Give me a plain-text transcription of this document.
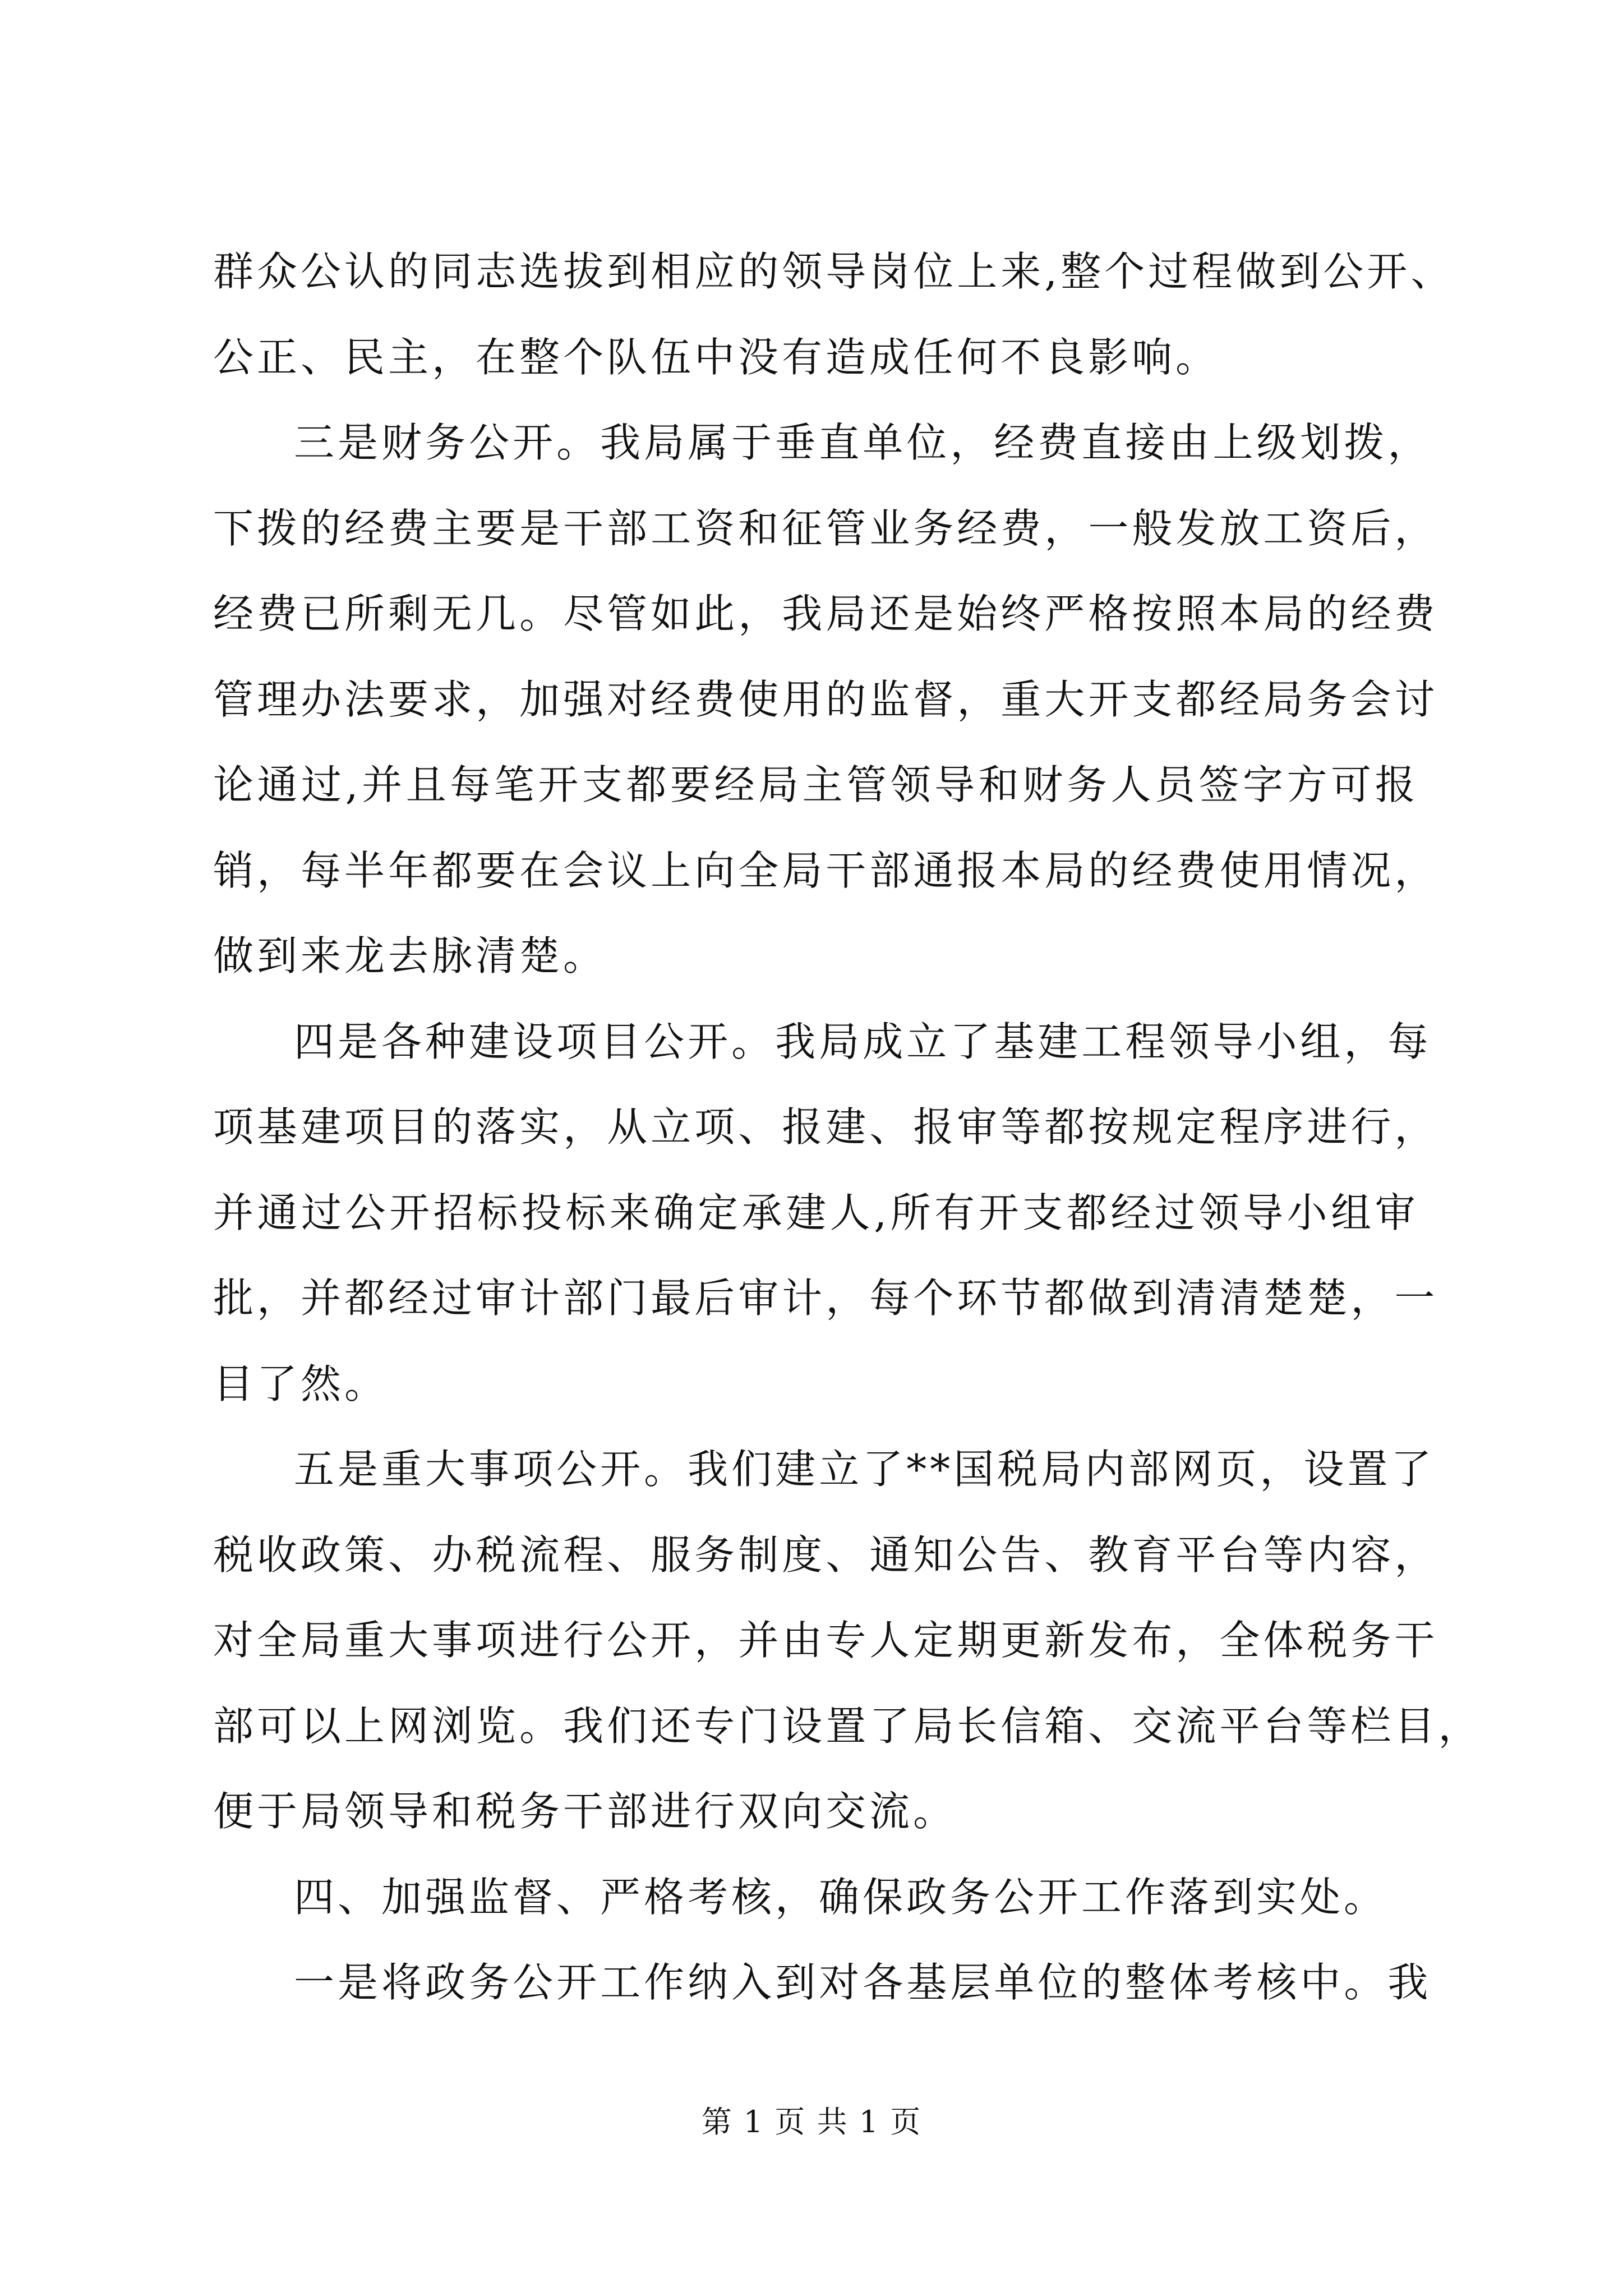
群 众 公 认 的 同 志 选 拔 到 相 应 的 领 导 岗 位 上 来 , 整 个 过 程 做 到 公 开 、
公正、民主，在整个队伍中没有造成任何不良影响。
三 是 财 务 公 开 。 我 局 属 于 垂 直 单 位 ， 经 费 直 接 由 上 级 划 拨 ，
下 拨 的 经 费 主 要 是 干 部 工 资 和 征 管 业 务 经 费 ， 一 般 发 放 工 资 后 ，
经 费 已 所 剩 无 几 。 尽 管 如 此 ， 我 局 还 是 始 终 严 格 按 照 本 局 的 经 费
管 理 办 法 要 求 ， 加 强 对 经 费 使 用 的 监 督 ， 重 大 开 支 都 经 局 务 会 讨
论 通 过 , 并 且 每 笔 开 支 都 要 经 局 主 管 领 导 和 财 务 人 员 签 字 方 可 报
销 ， 每 半 年 都 要 在 会 议 上 向 全 局 干 部 通 报 本 局 的 经 费 使 用 情 况 ，
做到来龙去脉清楚。
四 是 各 种 建 设 项 目 公 开 。 我 局 成 立 了 基 建 工 程 领 导 小 组 ， 每
项 基 建 项 目 的 落 实 ， 从 立 项 、 报 建 、 报 审 等 都 按 规 定 程 序 进 行 ，
并 通 过 公 开 招 标 投 标 来 确 定 承 建 人 , 所 有 开 支 都 经 过 领 导 小 组 审
批 ， 并 都 经 过 审 计 部 门 最 后 审 计 ， 每 个 环 节 都 做 到 清 清 楚 楚 ， 一
目了然。
五 是 重 大 事 项 公 开 。 我 们 建 立 了 * * 国 税 局 内 部 网 页 ， 设 置 了
税 收 政 策 、 办 税 流 程 、 服 务 制 度 、 通 知 公 告 、 教 育 平 台 等 内 容 ，
对 全 局 重 大 事 项 进 行 公 开 ， 并 由 专 人 定 期 更 新 发 布 ， 全 体 税 务 干
部 可 以 上 网 浏 览 。 我 们 还 专 门 设 置 了 局 长 信 箱 、 交 流 平 台 等 栏 目 ，
便于局领导和税务干部进行双向交流。
四、加强监督、严格考核，确保政务公开工作落到实处。
一 是 将 政 务 公 开 工 作 纳 入 到 对 各 基 层 单 位 的 整 体 考 核 中 。 我
第 1 页 共 1 页
